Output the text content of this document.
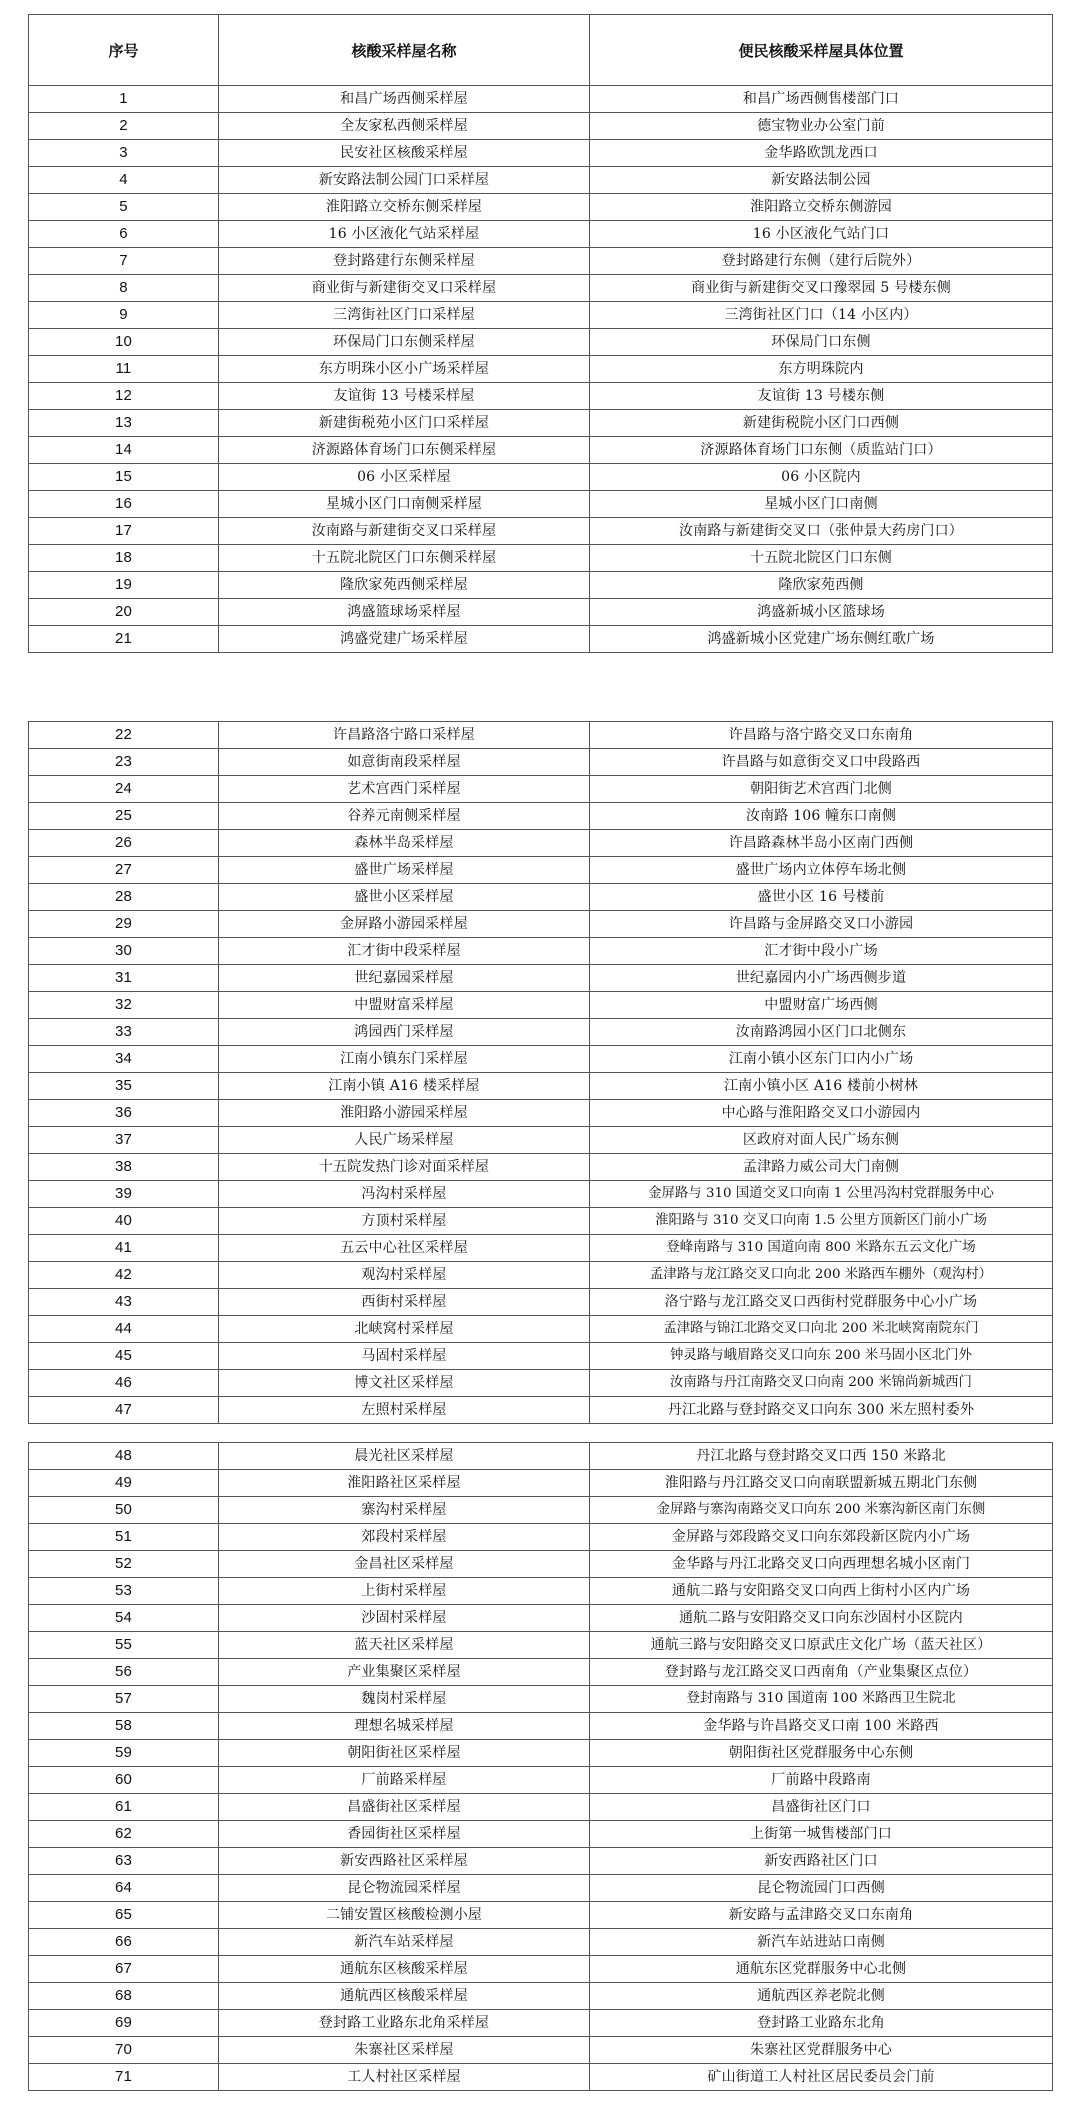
序号	核酸采样屋名称	便民核酸采样屋具体位置
1	和昌广场西侧采样屋	和昌广场西侧售楼部门口
2	全友家私西侧采样屋	德宝物业办公室门前
3	民安社区核酸采样屋	金华路欧凯龙西口
4	新安路法制公园门口采样屋	新安路法制公园
5	淮阳路立交桥东侧采样屋	淮阳路立交桥东侧游园
6	16 小区液化气站采样屋	16 小区液化气站门口
7	登封路建行东侧采样屋	登封路建行东侧（建行后院外）
8	商业街与新建街交叉口采样屋	商业街与新建街交叉口豫翠园 5 号楼东侧
9	三湾街社区门口采样屋	三湾街社区门口（14 小区内）
10	环保局门口东侧采样屋	环保局门口东侧
11	东方明珠小区小广场采样屋	东方明珠院内
12	友谊街 13 号楼采样屋	友谊街 13 号楼东侧
13	新建街税苑小区门口采样屋	新建街税院小区门口西侧
14	济源路体育场门口东侧采样屋	济源路体育场门口东侧（质监站门口）
15	06 小区采样屋	06 小区院内
16	星城小区门口南侧采样屋	星城小区门口南侧
17	汝南路与新建街交叉口采样屋	汝南路与新建街交叉口（张仲景大药房门口）
18	十五院北院区门口东侧采样屋	十五院北院区门口东侧
19	隆欣家苑西侧采样屋	隆欣家苑西侧
20	鸿盛篮球场采样屋	鸿盛新城小区篮球场
21	鸿盛党建广场采样屋	鸿盛新城小区党建广场东侧红歌广场
22	许昌路洛宁路口采样屋	许昌路与洛宁路交叉口东南角
23	如意街南段采样屋	许昌路与如意街交叉口中段路西
24	艺术宫西门采样屋	朝阳街艺术宫西门北侧
25	谷养元南侧采样屋	汝南路 106 幢东口南侧
26	森林半岛采样屋	许昌路森林半岛小区南门西侧
27	盛世广场采样屋	盛世广场内立体停车场北侧
28	盛世小区采样屋	盛世小区 16 号楼前
29	金屏路小游园采样屋	许昌路与金屏路交叉口小游园
30	汇才街中段采样屋	汇才街中段小广场
31	世纪嘉园采样屋	世纪嘉园内小广场西侧步道
32	中盟财富采样屋	中盟财富广场西侧
33	鸿园西门采样屋	汝南路鸿园小区门口北侧东
34	江南小镇东门采样屋	江南小镇小区东门口内小广场
35	江南小镇 A16 楼采样屋	江南小镇小区 A16 楼前小树林
36	淮阳路小游园采样屋	中心路与淮阳路交叉口小游园内
37	人民广场采样屋	区政府对面人民广场东侧
38	十五院发热门诊对面采样屋	孟津路力威公司大门南侧
39	冯沟村采样屋	金屏路与 310 国道交叉口向南 1 公里冯沟村党群服务中心
40	方顶村采样屋	淮阳路与 310 交叉口向南 1.5 公里方顶新区门前小广场
41	五云中心社区采样屋	登峰南路与 310 国道向南 800 米路东五云文化广场
42	观沟村采样屋	孟津路与龙江路交叉口向北 200 米路西车棚外（观沟村）
43	西街村采样屋	洛宁路与龙江路交叉口西街村党群服务中心小广场
44	北峡窝村采样屋	孟津路与锦江北路交叉口向北 200 米北峡窝南院东门
45	马固村采样屋	钟灵路与峨眉路交叉口向东 200 米马固小区北门外
46	博文社区采样屋	汝南路与丹江南路交叉口向南 200 米锦尚新城西门
47	左照村采样屋	丹江北路与登封路交叉口向东 300 米左照村委外
48	晨光社区采样屋	丹江北路与登封路交叉口西 150 米路北
49	淮阳路社区采样屋	淮阳路与丹江路交叉口向南联盟新城五期北门东侧
50	寨沟村采样屋	金屏路与寨沟南路交叉口向东 200 米寨沟新区南门东侧
51	郊段村采样屋	金屏路与郊段路交叉口向东郊段新区院内小广场
52	金昌社区采样屋	金华路与丹江北路交叉口向西理想名城小区南门
53	上街村采样屋	通航二路与安阳路交叉口向西上街村小区内广场
54	沙固村采样屋	通航二路与安阳路交叉口向东沙固村小区院内
55	蓝天社区采样屋	通航三路与安阳路交叉口原武庄文化广场（蓝天社区）
56	产业集聚区采样屋	登封路与龙江路交叉口西南角（产业集聚区点位）
57	魏岗村采样屋	登封南路与 310 国道南 100 米路西卫生院北
58	理想名城采样屋	金华路与许昌路交叉口南 100 米路西
59	朝阳街社区采样屋	朝阳街社区党群服务中心东侧
60	厂前路采样屋	厂前路中段路南
61	昌盛街社区采样屋	昌盛街社区门口
62	香园街社区采样屋	上街第一城售楼部门口
63	新安西路社区采样屋	新安西路社区门口
64	昆仑物流园采样屋	昆仑物流园门口西侧
65	二铺安置区核酸检测小屋	新安路与孟津路交叉口东南角
66	新汽车站采样屋	新汽车站进站口南侧
67	通航东区核酸采样屋	通航东区党群服务中心北侧
68	通航西区核酸采样屋	通航西区养老院北侧
69	登封路工业路东北角采样屋	登封路工业路东北角
70	朱寨社区采样屋	朱寨社区党群服务中心
71	工人村社区采样屋	矿山街道工人村社区居民委员会门前
